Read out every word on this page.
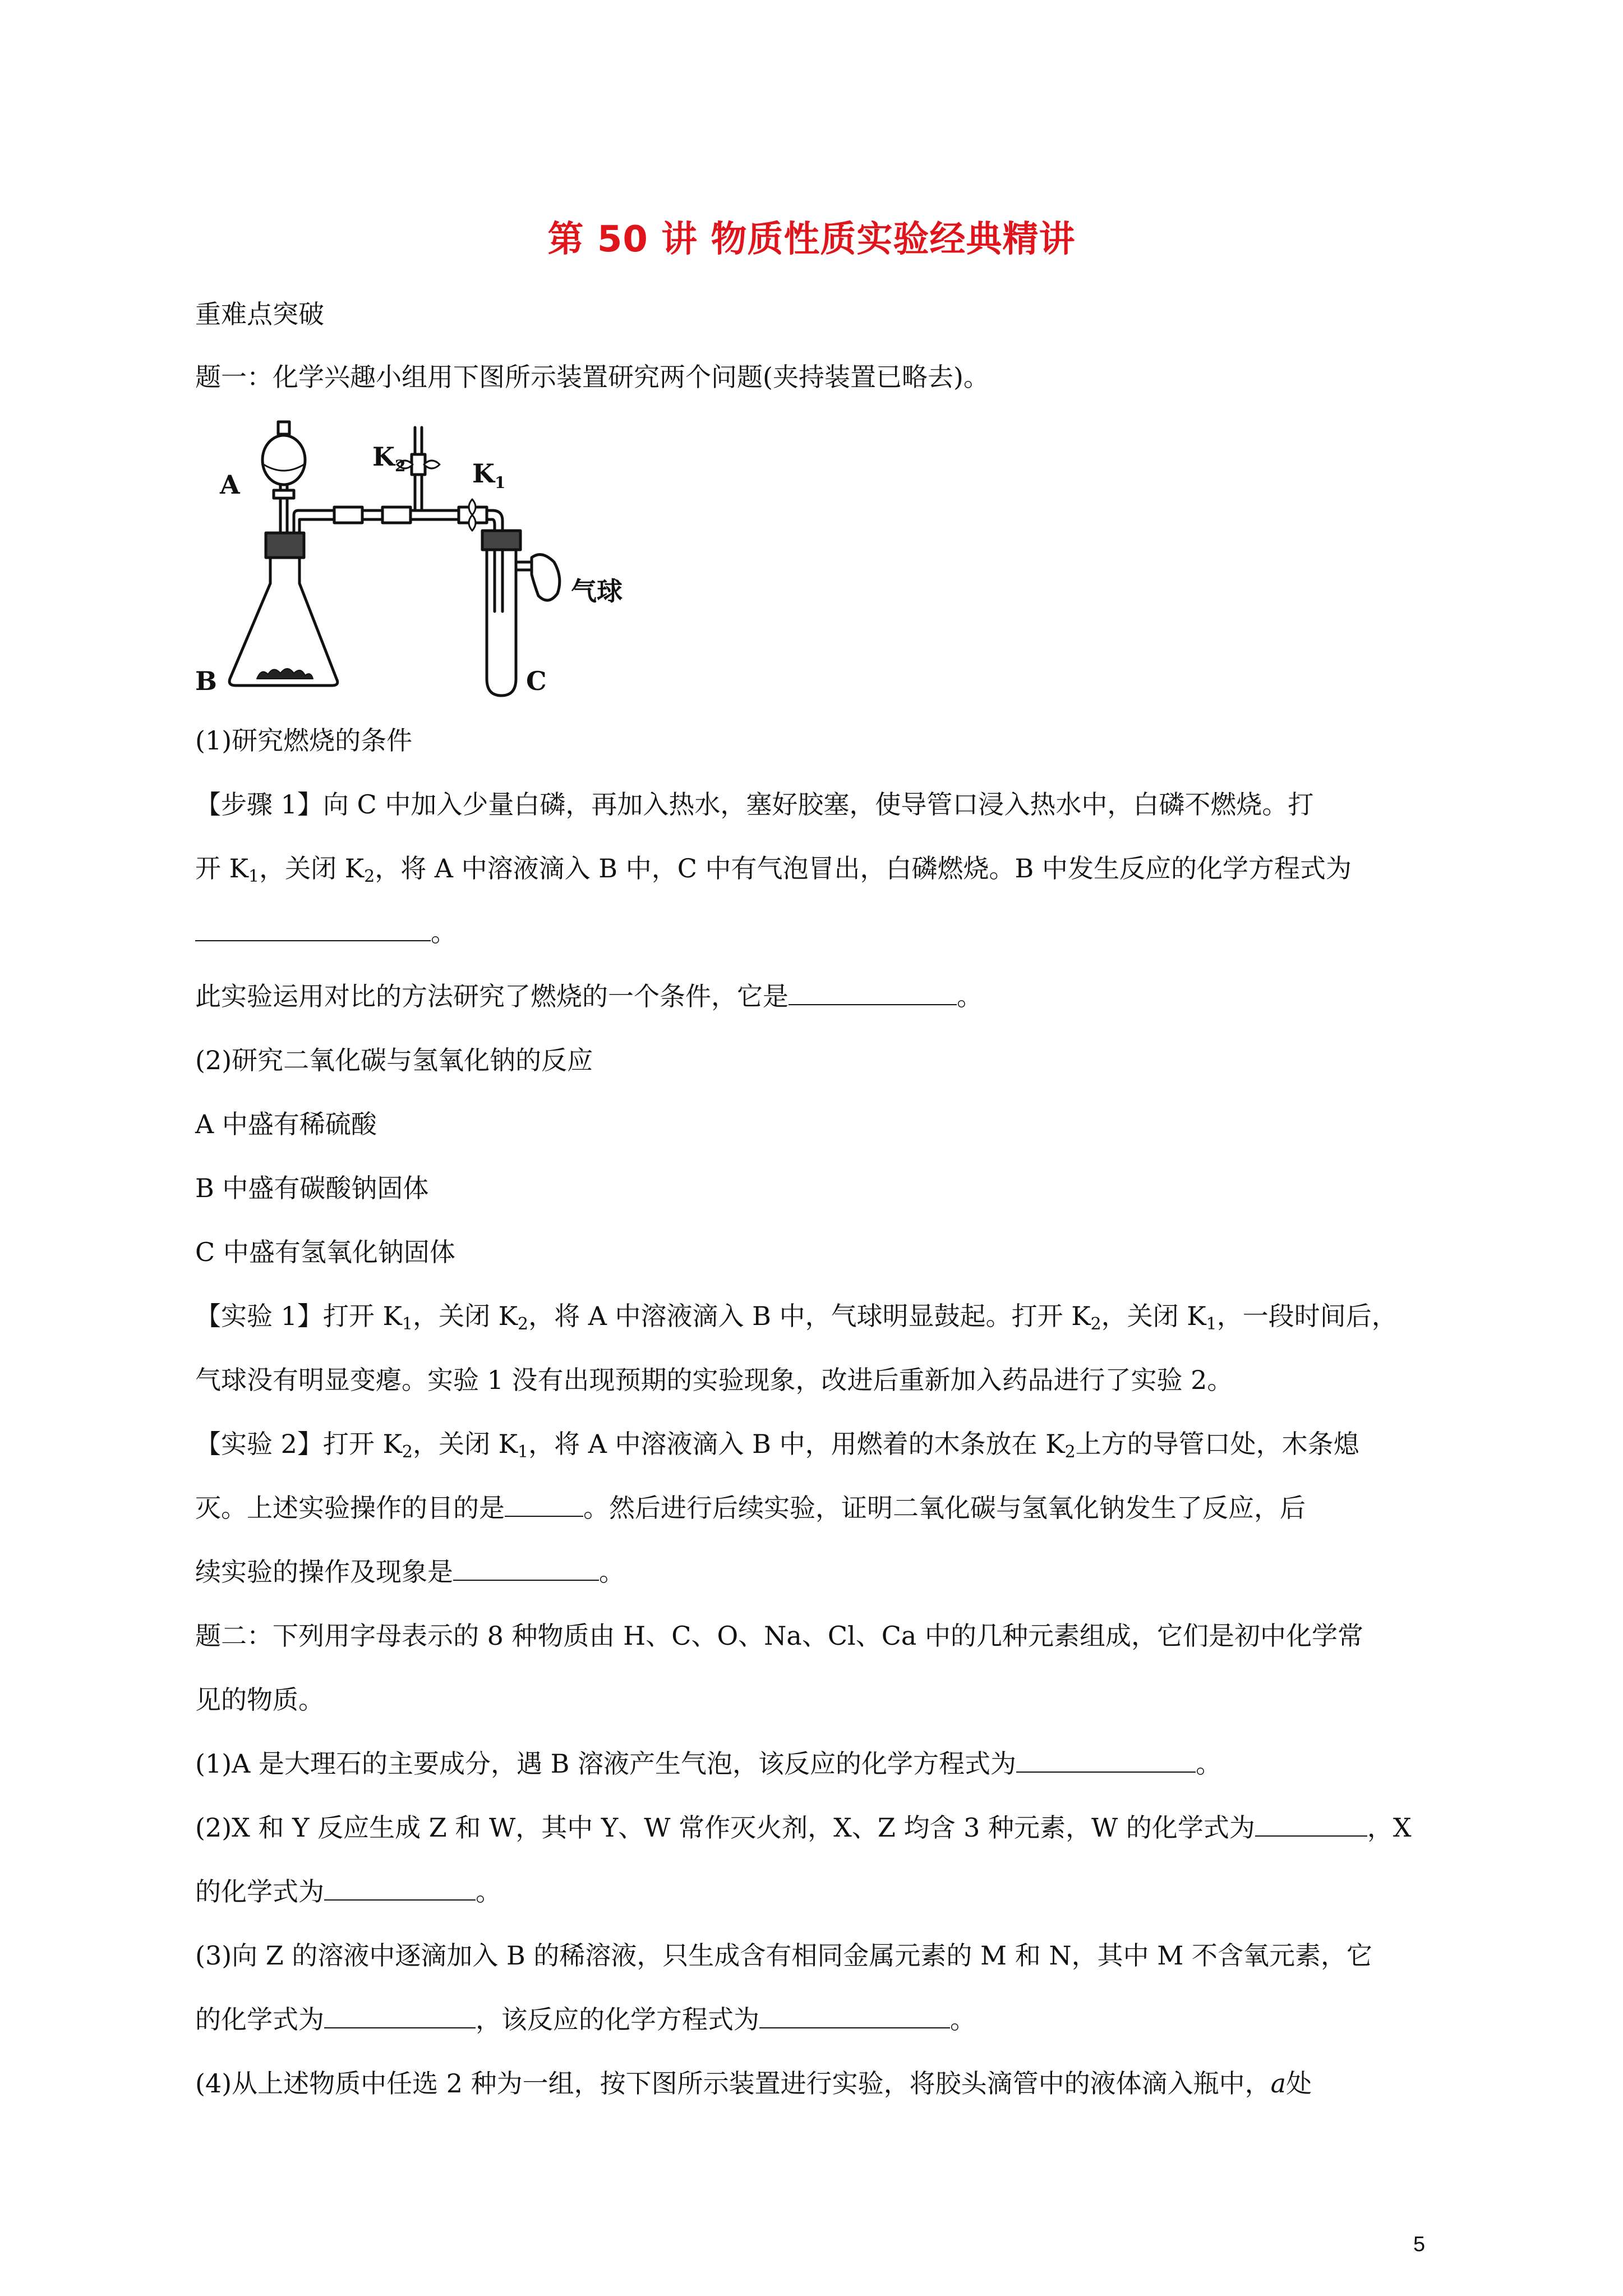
第 50 讲 物质性质实验经典精讲
重难点突破
题一：化学兴趣小组用下图所示装置研究两个问题(夹持装置已略去)。
A
B	C
$K_2$	$K_1$
气球
(1)研究燃烧的条件
【步骤 1】向 C 中加入少量白磷，再加入热水，塞好胶塞，使导管口浸入热水中，白磷不燃烧。打
开 $K_1$，关闭 $K_2$，将 A 中溶液滴入 B 中，C 中有气泡冒出，白磷燃烧。B 中发生反应的化学方程式为
。
此实验运用对比的方法研究了燃烧的一个条件，它是	。
(2)研究二氧化碳与氢氧化钠的反应
A 中盛有稀硫酸
B 中盛有碳酸钠固体
C 中盛有氢氧化钠固体
【实验 1】打开 $K_1$，关闭 $K_2$，将 A 中溶液滴入 B 中，气球明显鼓起。打开 $K_2$，关闭 $K_1$，一段时间后，
气球没有明显变瘪。实验 1 没有出现预期的实验现象，改进后重新加入药品进行了实验 2。
【实验 2】打开 $K_2$，关闭 $K_1$，将 A 中溶液滴入 B 中，用燃着的木条放在 $K_2$上方的导管口处，木条熄
灭。上述实验操作的目的是	。然后进行后续实验，证明二氧化碳与氢氧化钠发生了反应，后
续实验的操作及现象是	。
题二：下列用字母表示的 8 种物质由 H、C、O、Na、Cl、Ca 中的几种元素组成，它们是初中化学常
见的物质。
(1)A 是大理石的主要成分，遇 B 溶液产生气泡，该反应的化学方程式为	。
(2)X 和 Y 反应生成 Z 和 W，其中 Y、W 常作灭火剂，X、Z 均含 3 种元素，W 的化学式为	，X
的化学式为	。
(3)向 Z 的溶液中逐滴加入 B 的稀溶液，只生成含有相同金属元素的 M 和 N，其中 M 不含氧元素，它
的化学式为	，该反应的化学方程式为	。
(4)从上述物质中任选 2 种为一组，按下图所示装置进行实验，将胶头滴管中的液体滴入瓶中，a处
5
